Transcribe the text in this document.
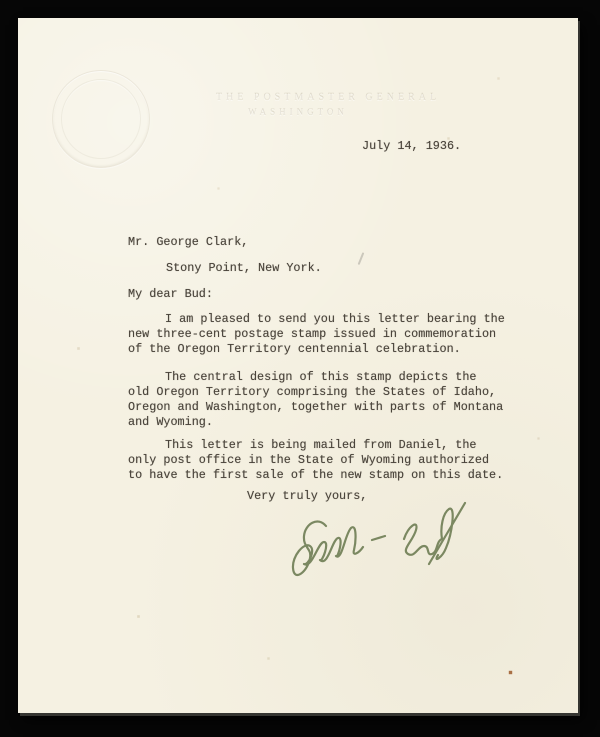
THE POSTMASTER GENERAL
WASHINGTON
July 14, 1936.
Mr. George Clark,
Stony Point, New York.
My dear Bud:
I am pleased to send you this letter bearing the
new three-cent postage stamp issued in commemoration
of the Oregon Territory centennial celebration.
The central design of this stamp depicts the
old Oregon Territory comprising the States of Idaho,
Oregon and Washington, together with parts of Montana
and Wyoming.
This letter is being mailed from Daniel, the
only post office in the State of Wyoming authorized
to have the first sale of the new stamp on this date.
Very truly yours,
